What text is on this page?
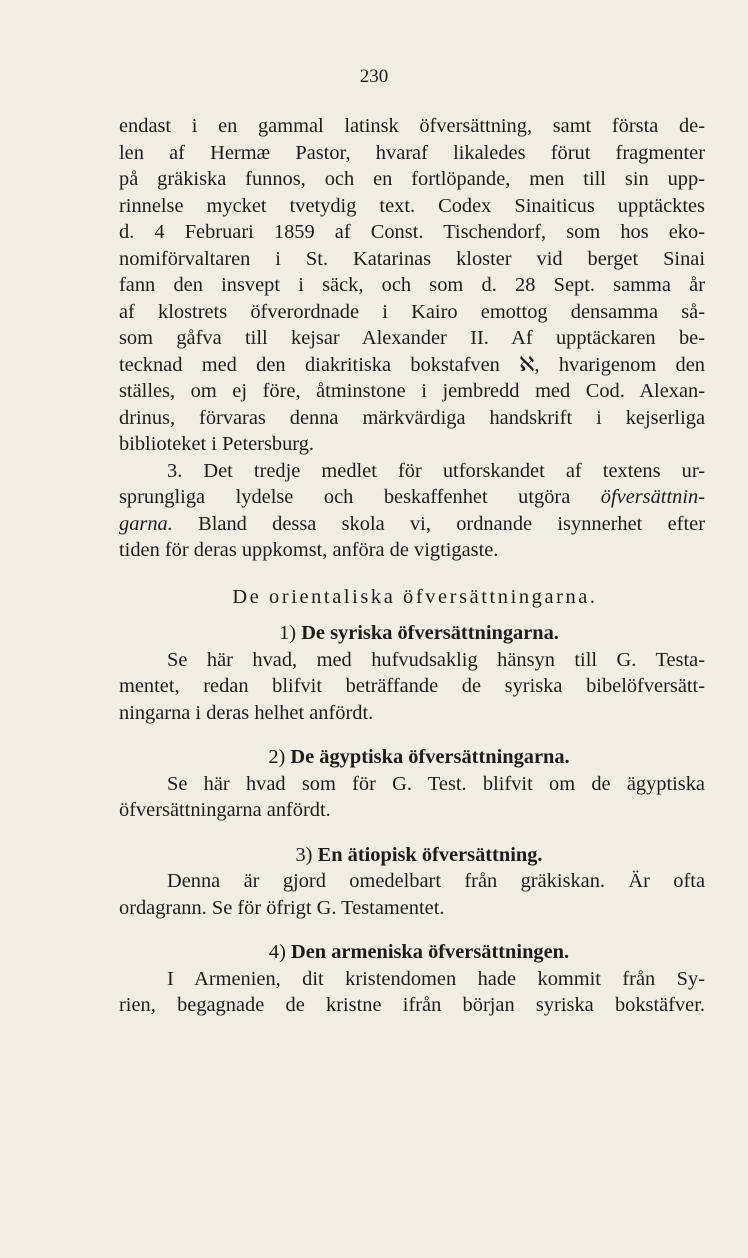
230
endast i en gammal latinsk öfversättning, samt första de-
len af Hermæ Pastor, hvaraf likaledes förut fragmenter
på gräkiska funnos, och en fortlöpande, men till sin upp-
rinnelse mycket tvetydig text. Codex Sinaiticus upptäcktes
d. 4 Februari 1859 af Const. Tischendorf, som hos eko-
nomiförvaltaren i St. Katarinas kloster vid berget Sinai
fann den insvept i säck, och som d. 28 Sept. samma år
af klostrets öfverordnade i Kairo emottog densamma så-
som gåfva till kejsar Alexander II. Af upptäckaren be-
tecknad med den diakritiska bokstafven ℵ, hvarigenom den
ställes, om ej före, åtminstone i jembredd med Cod. Alexan-
drinus, förvaras denna märkvärdiga handskrift i kejserliga
biblioteket i Petersburg.
3. Det tredje medlet för utforskandet af textens ur-
sprungliga lydelse och beskaffenhet utgöra öfversättnin-
garna. Bland dessa skola vi, ordnande isynnerhet efter
tiden för deras uppkomst, anföra de vigtigaste.
De orientaliska öfversättningarna.
1) De syriska öfversättningarna.
Se här hvad, med hufvudsaklig hänsyn till G. Testa-
mentet, redan blifvit beträffande de syriska bibelöfversätt-
ningarna i deras helhet anfördt.
2) De ägyptiska öfversättningarna.
Se här hvad som för G. Test. blifvit om de ägyptiska
öfversättningarna anfördt.
3) En ätiopisk öfversättning.
Denna är gjord omedelbart från gräkiskan. Är ofta
ordagrann. Se för öfrigt G. Testamentet.
4) Den armeniska öfversättningen.
I Armenien, dit kristendomen hade kommit från Sy-
rien, begagnade de kristne ifrån början syriska bokstäfver.
